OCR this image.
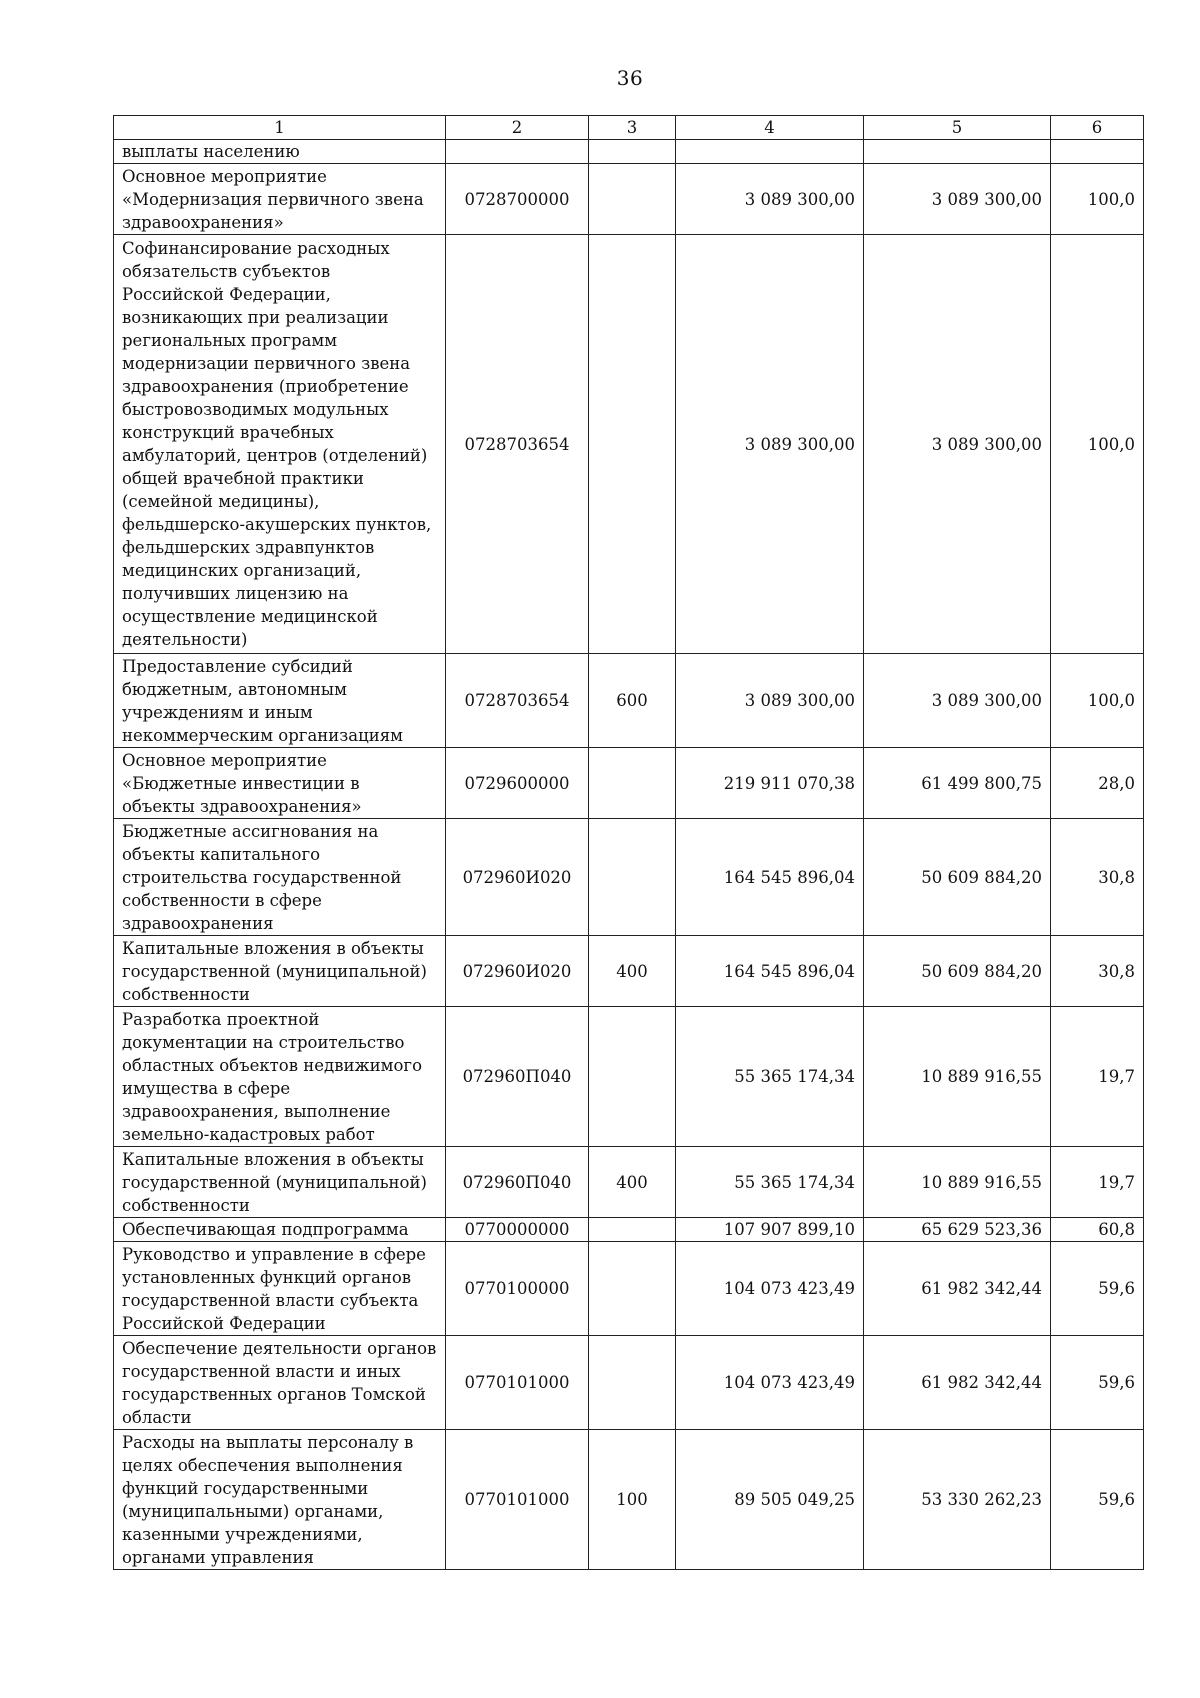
36
1	2	3	4	5	6
выплаты населению					
Основное мероприятие «Модернизация первичного звена здравоохранения»	0728700000		3 089 300,00	3 089 300,00	100,0
Софинансирование расходных обязательств субъектов Российской Федерации, возникающих при реализации региональных программ модернизации первичного звена здравоохранения (приобретение быстровозводимых модульных конструкций врачебных амбулаторий, центров (отделений) общей врачебной практики (семейной медицины), фельдшерско-акушерских пунктов, фельдшерских здравпунктов медицинских организаций, получивших лицензию на осуществление медицинской деятельности)	0728703654		3 089 300,00	3 089 300,00	100,0
Предоставление субсидий бюджетным, автономным учреждениям и иным некоммерческим организациям	0728703654	600	3 089 300,00	3 089 300,00	100,0
Основное мероприятие «Бюджетные инвестиции в объекты здравоохранения»	0729600000		219 911 070,38	61 499 800,75	28,0
Бюджетные ассигнования на объекты капитального строительства государственной собственности в сфере здравоохранения	072960И020		164 545 896,04	50 609 884,20	30,8
Капитальные вложения в объекты государственной (муниципальной) собственности	072960И020	400	164 545 896,04	50 609 884,20	30,8
Разработка проектной документации на строительство областных объектов недвижимого имущества в сфере здравоохранения, выполнение земельно-кадастровых работ	072960П040		55 365 174,34	10 889 916,55	19,7
Капитальные вложения в объекты государственной (муниципальной) собственности	072960П040	400	55 365 174,34	10 889 916,55	19,7
Обеспечивающая подпрограмма	0770000000		107 907 899,10	65 629 523,36	60,8
Руководство и управление в сфере установленных функций органов государственной власти субъекта Российской Федерации	0770100000		104 073 423,49	61 982 342,44	59,6
Обеспечение деятельности органов государственной власти и иных государственных органов Томской области	0770101000		104 073 423,49	61 982 342,44	59,6
Расходы на выплаты персоналу в целях обеспечения выполнения функций государственными (муниципальными) органами, казенными учреждениями, органами управления	0770101000	100	89 505 049,25	53 330 262,23	59,6
